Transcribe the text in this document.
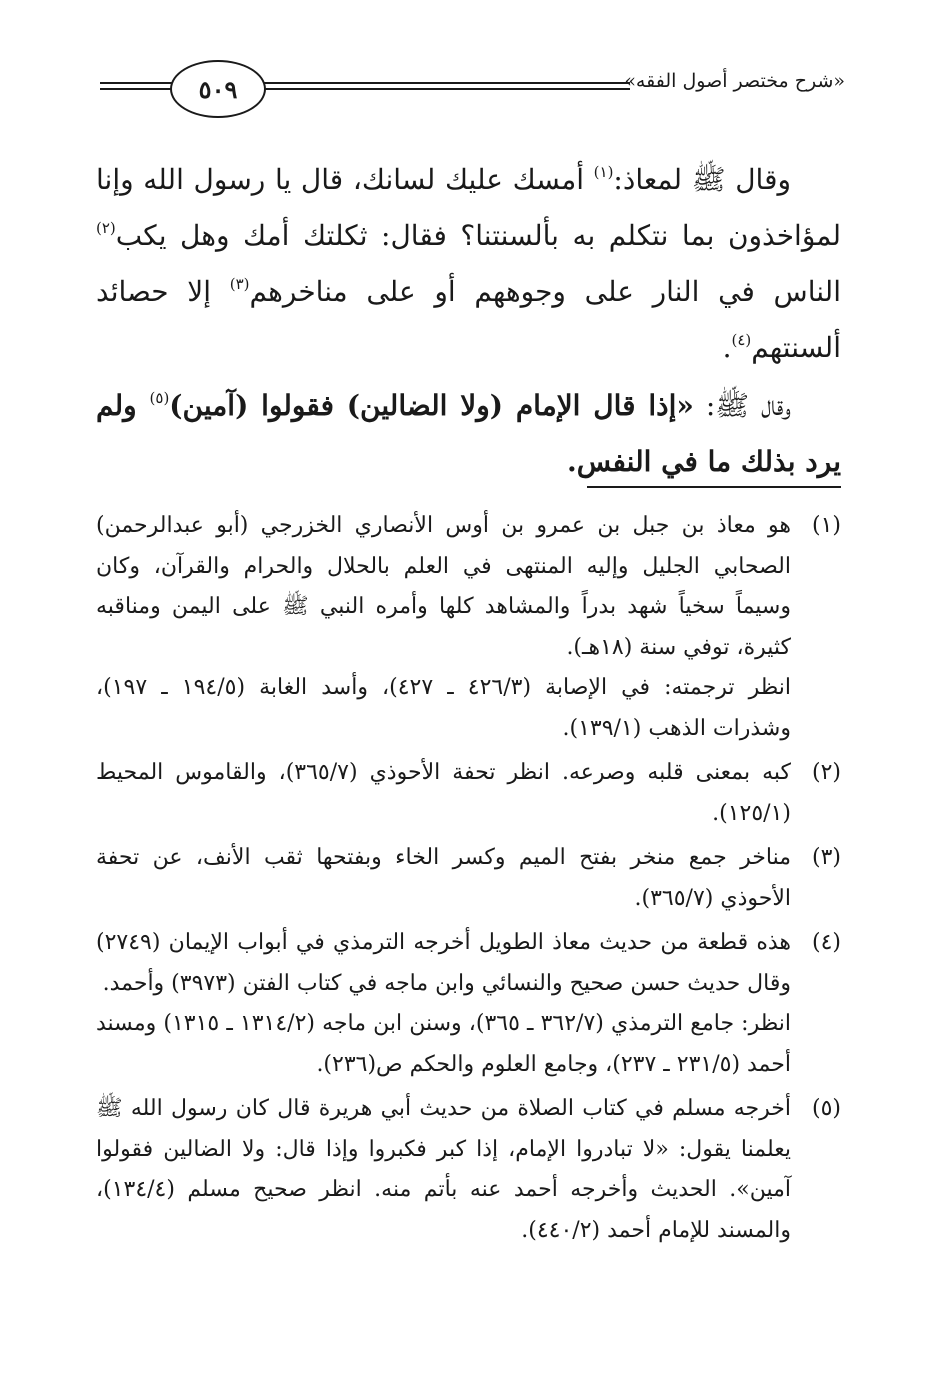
«شرح مختصر أصول الفقه»
٥٠٩

وقال ﷺ لمعاذ:$^{(١)}$ أمسك عليك لسانك، قال يا رسول الله وإنا لمؤاخذون بما نتكلم به بألسنتنا؟ فقال: ثكلتك أمك وهل يكب$^{(٢)}$ الناس في النار على وجوههم أو على مناخرهم$^{(٣)}$ إلا حصائد ألسنتهم$^{(٤)}$.

وقال ﷺ: «إذا قال الإمام (ولا الضالين) فقولوا (آمين)$^{(٥)}$ ولم يرد بذلك ما في النفس.

(١)

هو معاذ بن جبل بن عمرو بن أوس الأنصاري الخزرجي (أبو عبدالرحمن) الصحابي الجليل وإليه المنتهى في العلم بالحلال والحرام والقرآن، وكان وسيماً سخياً شهد بدراً والمشاهد كلها وأمره النبي ﷺ على اليمن ومناقبه كثيرة، توفي سنة (١٨هـ).

انظر ترجمته: في الإصابة (٤٢٦/٣ ـ ٤٢٧)، وأسد الغابة (١٩٤/٥ ـ ١٩٧)، وشذرات الذهب (١٣٩/١).

(٢)

كبه بمعنى قلبه وصرعه. انظر تحفة الأحوذي (٣٦٥/٧)، والقاموس المحيط (١٢٥/١).

(٣)

مناخر جمع منخر بفتح الميم وكسر الخاء وبفتحها ثقب الأنف، عن تحفة الأحوذي (٣٦٥/٧).

(٤)

هذه قطعة من حديث معاذ الطويل أخرجه الترمذي في أبواب الإيمان (٢٧٤٩) وقال حديث حسن صحيح والنسائي وابن ماجه في كتاب الفتن (٣٩٧٣) وأحمد.

انظر: جامع الترمذي (٣٦٢/٧ ـ ٣٦٥)، وسنن ابن ماجه (١٣١٤/٢ ـ ١٣١٥) ومسند أحمد (٢٣١/٥ ـ ٢٣٧)، وجامع العلوم والحكم ص(٢٣٦).

(٥)

أخرجه مسلم في كتاب الصلاة من حديث أبي هريرة قال كان رسول الله ﷺ يعلمنا يقول: «لا تبادروا الإمام، إذا كبر فكبروا وإذا قال: ولا الضالين فقولوا آمين». الحديث وأخرجه أحمد عنه بأتم منه. انظر صحيح مسلم (١٣٤/٤)، والمسند للإمام أحمد (٤٤٠/٢).
